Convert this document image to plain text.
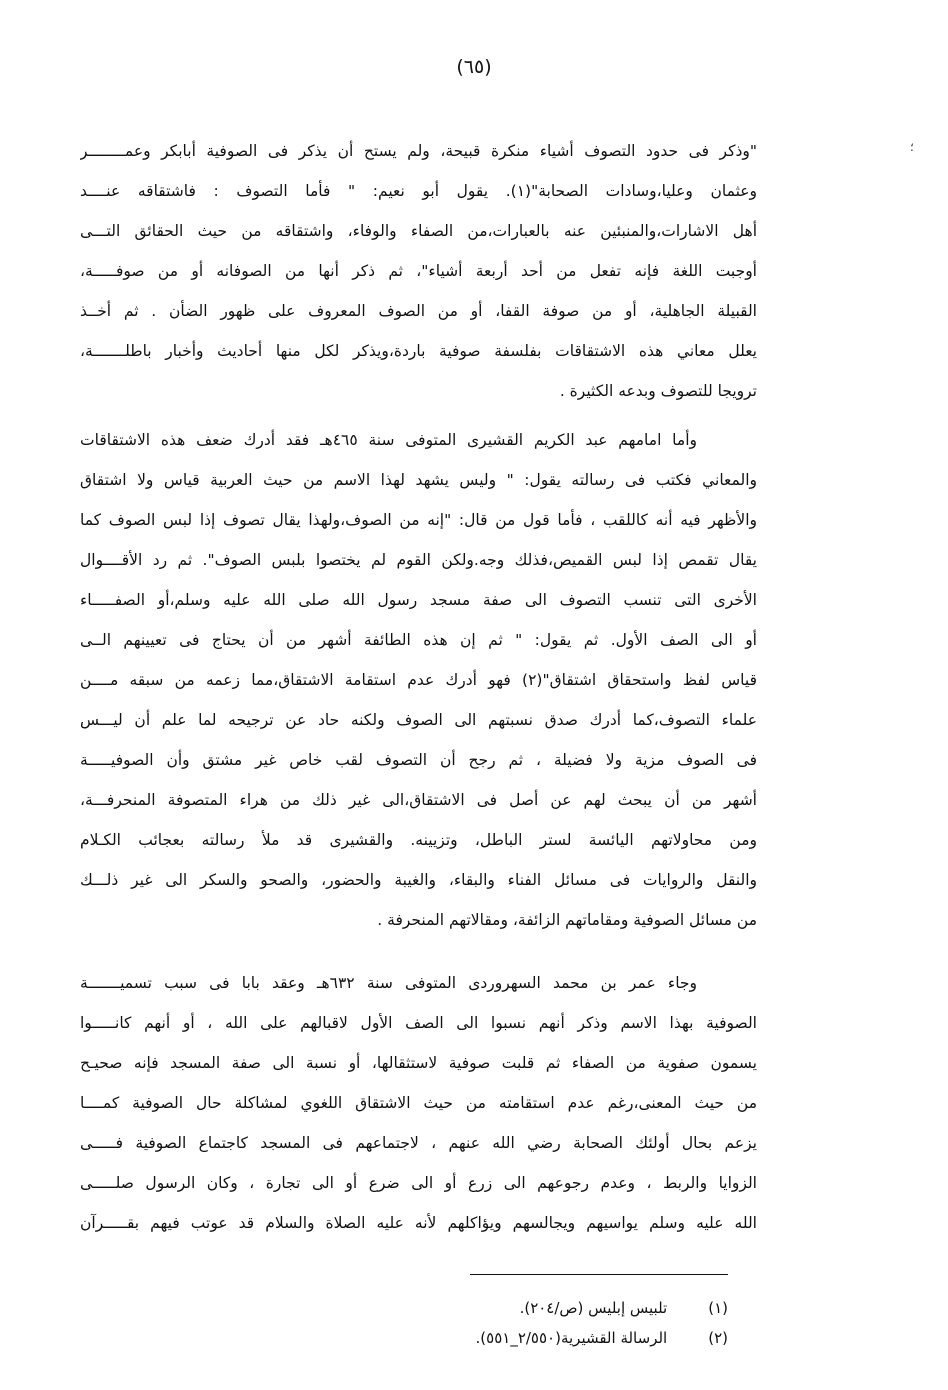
(٦٥)
؛
"وذكر فى حدود التصوف أشياء منكرة قبيحة، ولم يستح أن يذكر فى الصوفية أبابكر وعمــــــــر
وعثمان وعليا،وسادات الصحابة"(١). يقول أبو نعيم: " فأما التصوف : فاشتقاقه عنــــد
أهل الاشارات،والمنبئين عنه بالعبارات،من الصفاء والوفاء، واشتقاقه من حيث الحقائق التـــى
أوجبت اللغة فإنه تفعل من أحد أربعة أشياء"، ثم ذكر أنها من الصوفانه أو من صوفـــــة،
القبيلة الجاهلية، أو من صوفة القفا، أو من الصوف المعروف على ظهور الضأن . ثم أخــذ
يعلل معاني هذه الاشتقاقات بفلسفة صوفية باردة،ويذكر لكل منها أحاديث وأخبار باطلـــــــة،
ترويجا للتصوف وبدعه الكثيرة .
وأما امامهم عبد الكريم القشيرى المتوفى سنة ٤٦٥هـ فقد أدرك ضعف هذه الاشتقاقات
والمعاني فكتب فى رسالته يقول: " وليس يشهد لهذا الاسم من حيث العربية قياس ولا اشتقاق
والأظهر فيه أنه كاللقب ، فأما قول من قال: "إنه من الصوف،ولهذا يقال تصوف إذا لبس الصوف كما
يقال تقمص إذا لبس القميص،فذلك وجه.ولكن القوم لم يختصوا بلبس الصوف". ثم رد الأقــــوال
الأخرى التى تنسب التصوف الى صفة مسجد رسول الله صلى الله عليه وسلم،أو الصفـــــاء
أو الى الصف الأول. ثم يقول: " ثم إن هذه الطائفة أشهر من أن يحتاج فى تعيينهم الــى
قياس لفظ واستحقاق اشتقاق"(٢) فهو أدرك عدم استقامة الاشتقاق،مما زعمه من سبقه مــــن
علماء التصوف،كما أدرك صدق نسبتهم الى الصوف ولكنه حاد عن ترجيحه لما علم أن ليـــس
فى الصوف مزية ولا فضيلة ، ثم رجح أن التصوف لقب خاص غير مشتق وأن الصوفيـــــة
أشهر من أن يبحث لهم عن أصل فى الاشتقاق،الى غير ذلك من هراء المتصوفة المنحرفـــة،
ومن محاولاتهم اليائسة لستر الباطل، وتزيينه. والقشيرى قد ملأ رسالته بعجائب الكـلام
والنقل والروايات فى مسائل الفناء والبقاء، والغيبة والحضور، والصحو والسكر الى غير ذلـــك
من مسائل الصوفية ومقاماتهم الزائفة، ومقالاتهم المنحرفة .
وجاء عمر بن محمد السهروردى المتوفى سنة ٦٣٢هـ وعقد بابا فى سبب تسميـــــــة
الصوفية بهذا الاسم وذكر أنهم نسبوا الى الصف الأول لاقبالهم على الله ، أو أنهم كانـــــوا
يسمون صفوية من الصفاء ثم قلبت صوفية لاستثقالها، أو نسبة الى صفة المسجد فإنه صحيـح
من حيث المعنى،رغم عدم استقامته من حيث الاشتقاق اللغوي لمشاكلة حال الصوفية كمــــا
يزعم بحال أولئك الصحابة رضي الله عنهم ، لاجتماعهم فى المسجد كاجتماع الصوفية فـــــى
الزوايا والربط ، وعدم رجوعهم الى زرع أو الى ضرع أو الى تجارة ، وكان الرسول صلـــــى
الله عليه وسلم يواسيهم ويجالسهم ويؤاكلهم لأنه عليه الصلاة والسلام قد عوتب فيهم بقـــــرآن
(١) تلبيس إبليس (ص/٢٠٤).
(٢) الرسالة القشيرية(٢/٥٥٠_٥٥١).
